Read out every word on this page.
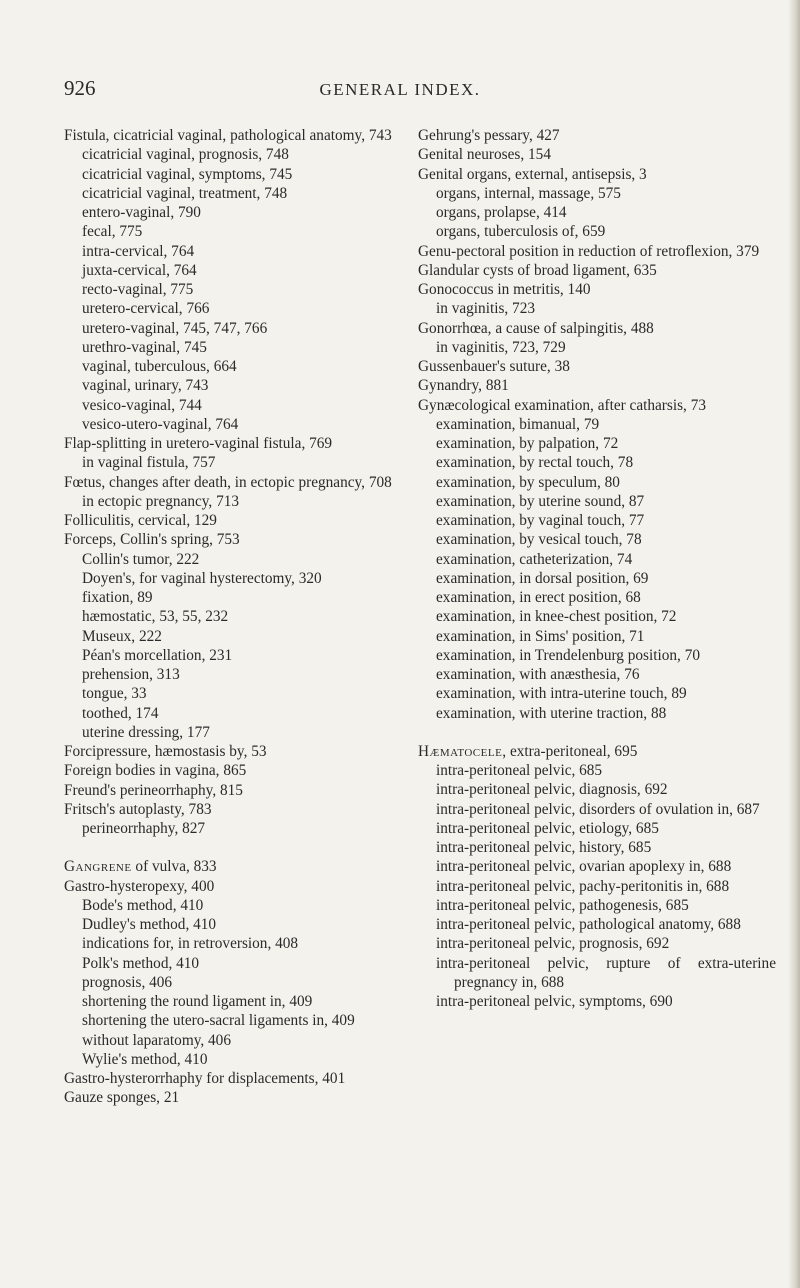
926	GENERAL INDEX.
Fistula, cicatricial vaginal, pathological anatomy, 743
cicatricial vaginal, prognosis, 748
cicatricial vaginal, symptoms, 745
cicatricial vaginal, treatment, 748
entero-vaginal, 790
fecal, 775
intra-cervical, 764
juxta-cervical, 764
recto-vaginal, 775
uretero-cervical, 766
uretero-vaginal, 745, 747, 766
urethro-vaginal, 745
vaginal, tuberculous, 664
vaginal, urinary, 743
vesico-vaginal, 744
vesico-utero-vaginal, 764
Flap-splitting in uretero-vaginal fistula, 769
in vaginal fistula, 757
Fœtus, changes after death, in ectopic pregnancy, 708
in ectopic pregnancy, 713
Folliculitis, cervical, 129
Forceps, Collin's spring, 753
Collin's tumor, 222
Doyen's, for vaginal hysterectomy, 320
fixation, 89
hæmostatic, 53, 55, 232
Museux, 222
Péan's morcellation, 231
prehension, 313
tongue, 33
toothed, 174
uterine dressing, 177
Forcipressure, hæmostasis by, 53
Foreign bodies in vagina, 865
Freund's perineorrhaphy, 815
Fritsch's autoplasty, 783
perineorrhaphy, 827
Gangrene of vulva, 833
Gastro-hysteropexy, 400
Bode's method, 410
Dudley's method, 410
indications for, in retroversion, 408
Polk's method, 410
prognosis, 406
shortening the round ligament in, 409
shortening the utero-sacral ligaments in, 409
without laparatomy, 406
Wylie's method, 410
Gastro-hysterorrhaphy for displacements, 401
Gauze sponges, 21
Gehrung's pessary, 427
Genital neuroses, 154
Genital organs, external, antisepsis, 3
organs, internal, massage, 575
organs, prolapse, 414
organs, tuberculosis of, 659
Genu-pectoral position in reduction of retroflexion, 379
Glandular cysts of broad ligament, 635
Gonococcus in metritis, 140
in vaginitis, 723
Gonorrhœa, a cause of salpingitis, 488
in vaginitis, 723, 729
Gussenbauer's suture, 38
Gynandry, 881
Gynæcological examination, after catharsis, 73
examination, bimanual, 79
examination, by palpation, 72
examination, by rectal touch, 78
examination, by speculum, 80
examination, by uterine sound, 87
examination, by vaginal touch, 77
examination, by vesical touch, 78
examination, catheterization, 74
examination, in dorsal position, 69
examination, in erect position, 68
examination, in knee-chest position, 72
examination, in Sims' position, 71
examination, in Trendelenburg position, 70
examination, with anæsthesia, 76
examination, with intra-uterine touch, 89
examination, with uterine traction, 88
Hæmatocele, extra-peritoneal, 695
intra-peritoneal pelvic, 685
intra-peritoneal pelvic, diagnosis, 692
intra-peritoneal pelvic, disorders of ovulation in, 687
intra-peritoneal pelvic, etiology, 685
intra-peritoneal pelvic, history, 685
intra-peritoneal pelvic, ovarian apoplexy in, 688
intra-peritoneal pelvic, pachy-peritonitis in, 688
intra-peritoneal pelvic, pathogenesis, 685
intra-peritoneal pelvic, pathological anatomy, 688
intra-peritoneal pelvic, prognosis, 692
intra-peritoneal pelvic, rupture of extra-uterine pregnancy in, 688
intra-peritoneal pelvic, symptoms, 690
